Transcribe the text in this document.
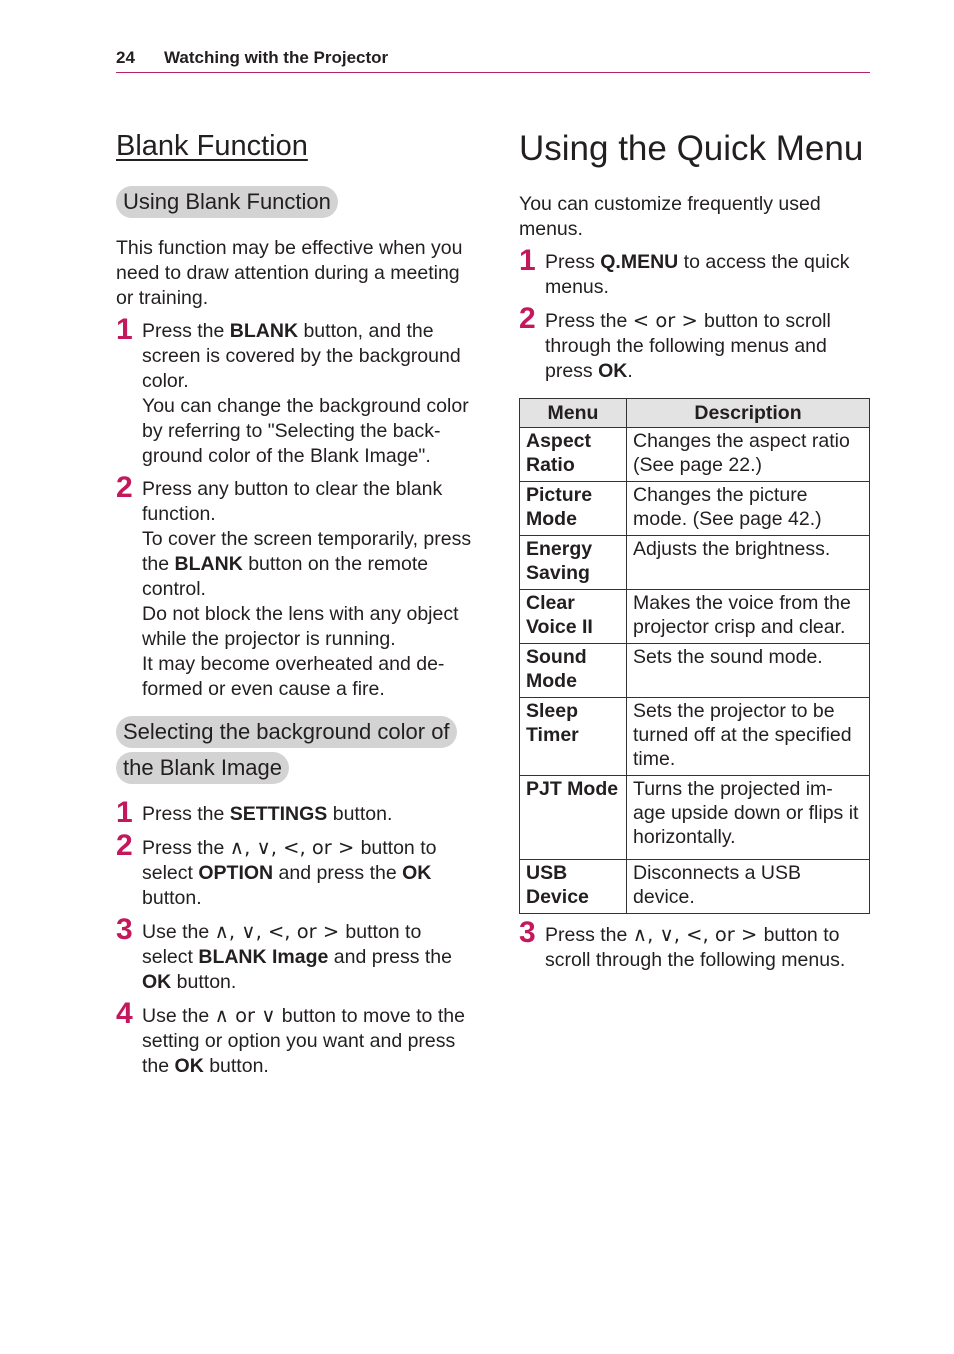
24 Watching with the Projector
Blank Function
Using Blank Function

This function may be effective when you need to draw attention during a meeting or training.

1 Press the BLANK button, and the screen is covered by the background color.

You can change the background color by referring to "Selecting the back-ground color of the Blank Image".

2 Press any button to clear the blank function.

To cover the screen temporarily, press the BLANK button on the remote control.

Do not block the lens with any object while the projector is running.

It may become overheated and de-formed or even cause a fire.

Selecting the background color of
the Blank Image
1 Press the SETTINGS button.

2 Press the ∧, ∨, <, or > button to select OPTION and press the OK button.

3 Use the ∧, ∨, <, or > button to select BLANK Image and press the OK button.

4 Use the ∧ or ∨ button to move to the setting or option you want and press the OK button.

Using the Quick Menu

You can customize frequently used menus.

1 Press Q.MENU to access the quick menus.

2 Press the < or > button to scroll through the following menus and press OK.

Menu	Description
Aspect Ratio	Changes the aspect ratio (See page 22.)
Picture Mode	Changes the picture mode. (See page 42.)
Energy Saving	Adjusts the brightness.
Clear Voice II	Makes the voice from the projector crisp and clear.
Sound Mode	Sets the sound mode.
Sleep Timer	Sets the projector to be turned off at the specified time.
PJT Mode	Turns the projected im-age upside down or flips it horizontally.
USB Device	Disconnects a USB device.
3 Press the ∧, ∨, <, or > button to scroll through the following menus.
